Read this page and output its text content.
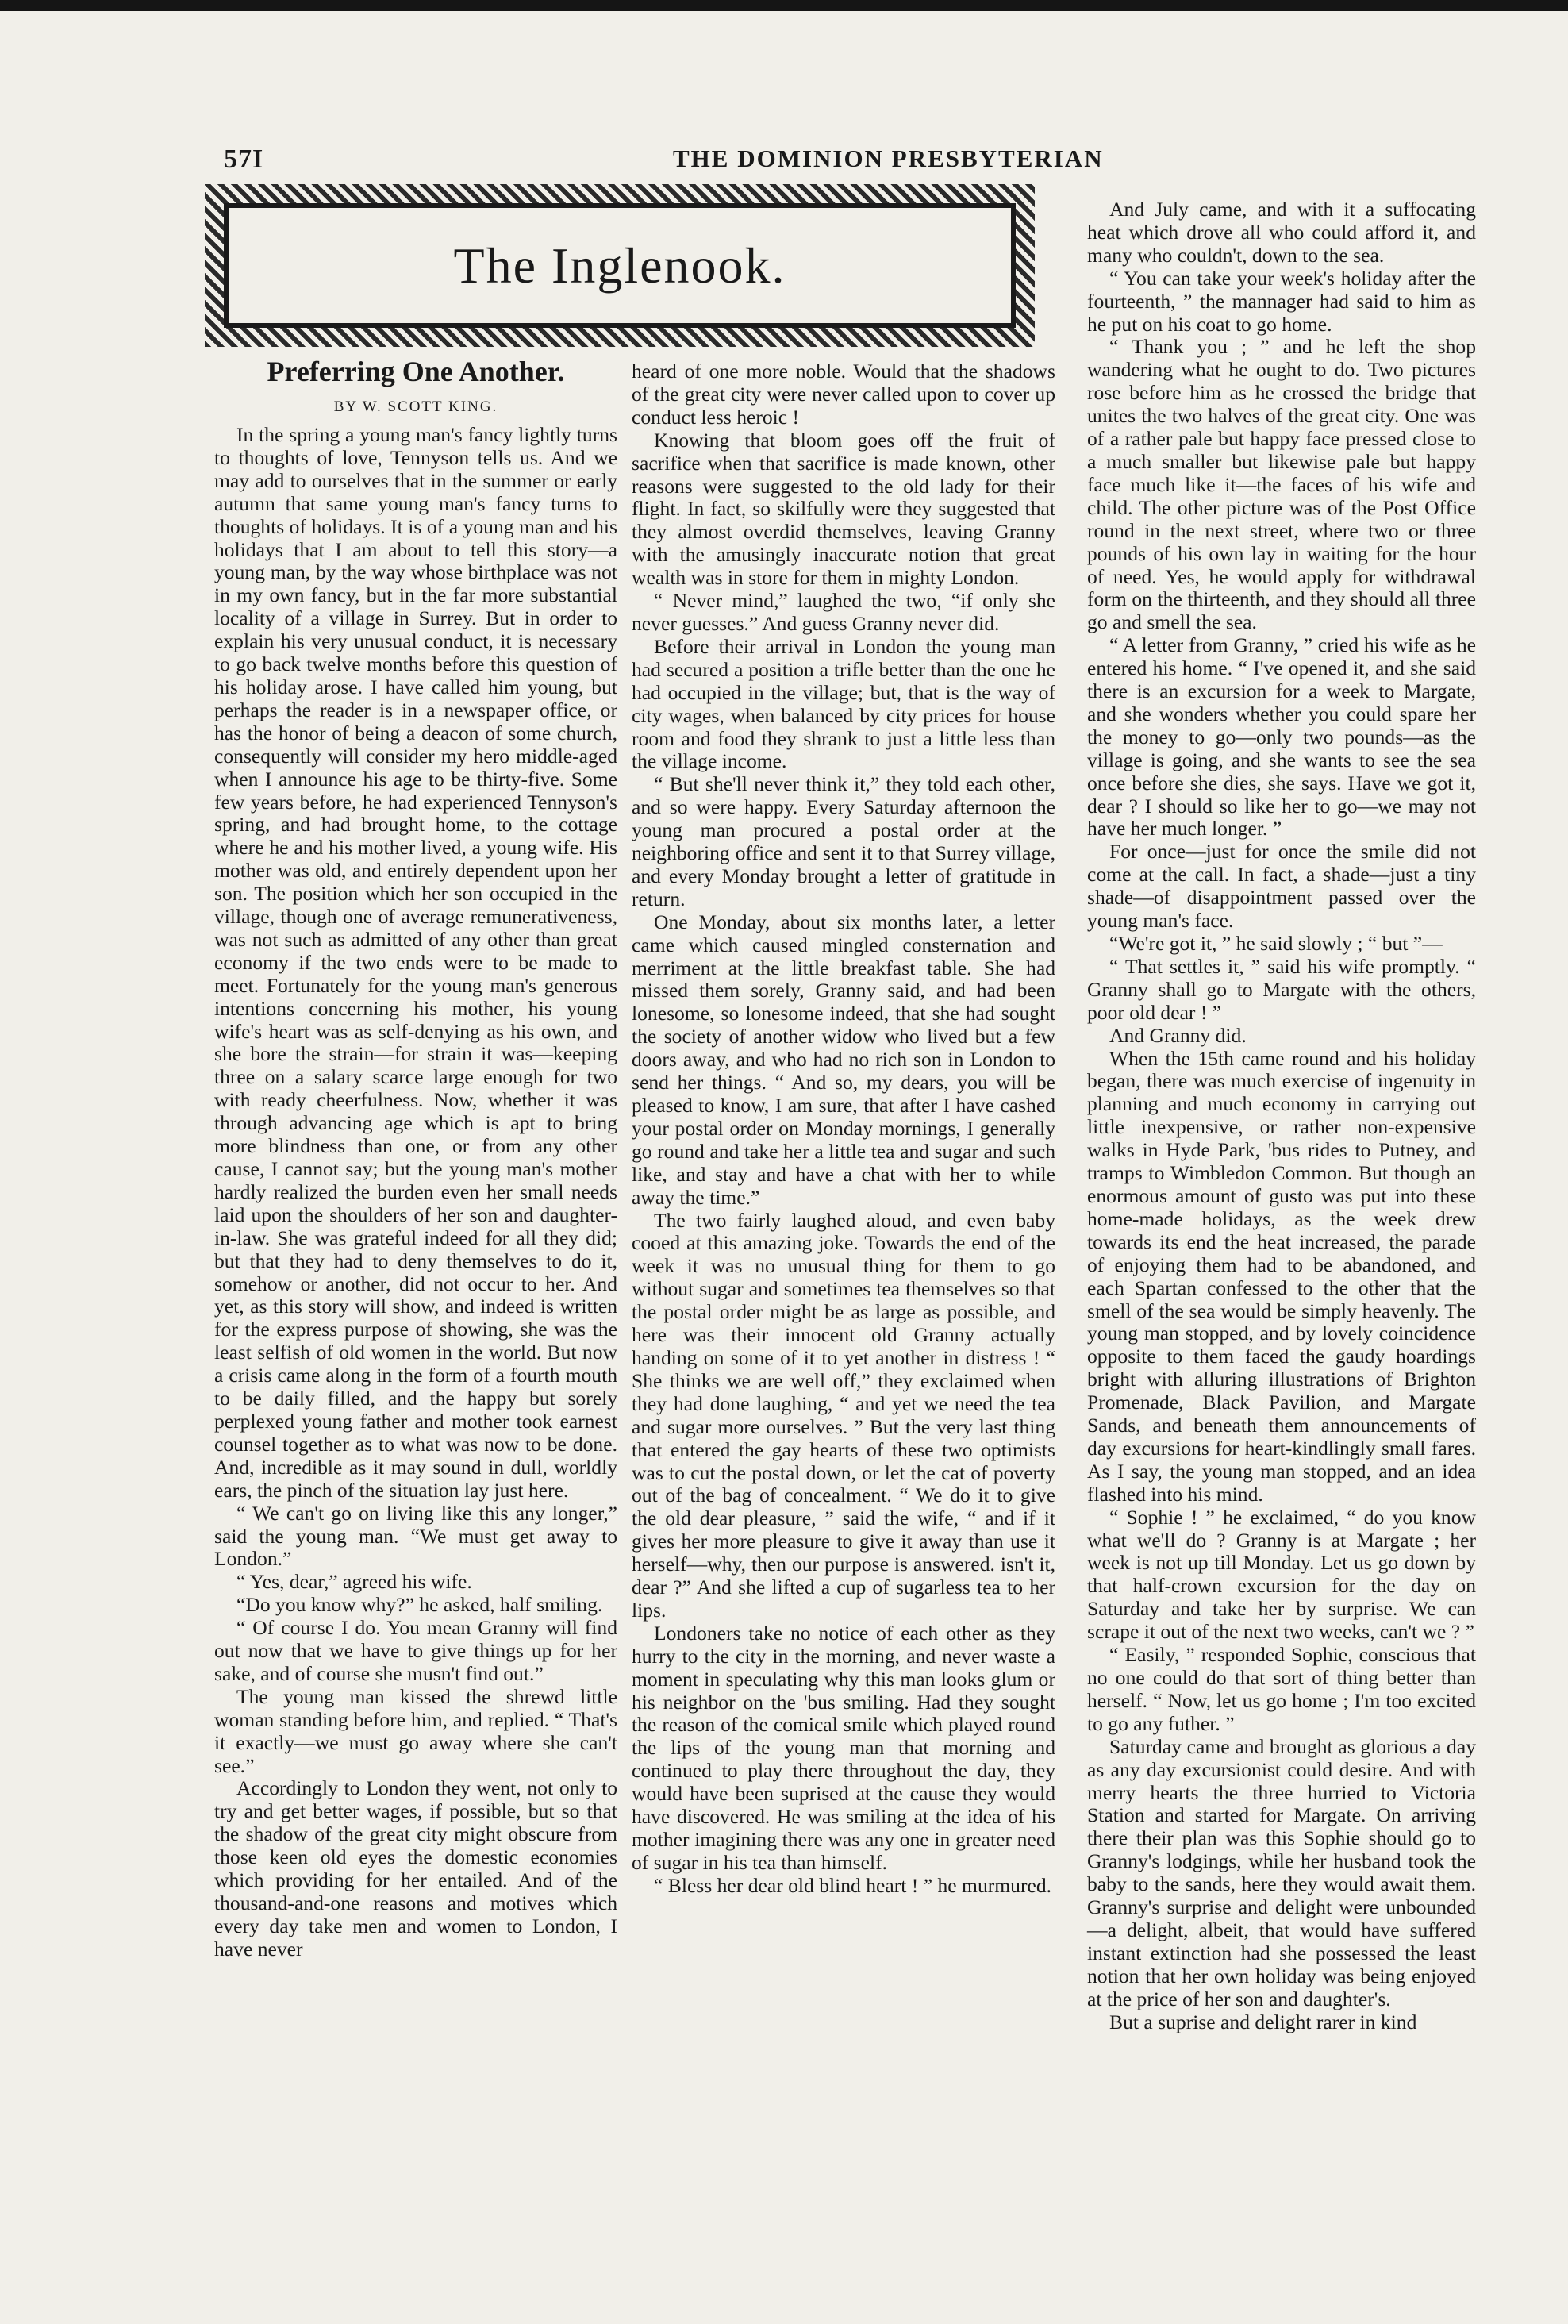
57I	THE DOMINION PRESBYTERIAN
The Inglenook.
Preferring One Another.
BY W. SCOTT KING.

In the spring a young man's fancy lightly turns to thoughts of love, Tennyson tells us. And we may add to ourselves that in the summer or early autumn that same young man's fancy turns to thoughts of holidays. It is of a young man and his holidays that I am about to tell this story—a young man, by the way whose birthplace was not in my own fancy, but in the far more substantial locality of a village in Surrey. But in order to explain his very unusual conduct, it is necessary to go back twelve months before this question of his holiday arose. I have called him young, but perhaps the reader is in a newspaper office, or has the honor of being a deacon of some church, consequently will consider my hero middle-aged when I announce his age to be thirty-five. Some few years before, he had experienced Tennyson's spring, and had brought home, to the cottage where he and his mother lived, a young wife. His mother was old, and entirely dependent upon her son. The position which her son occupied in the village, though one of average remunerativeness, was not such as admitted of any other than great economy if the two ends were to be made to meet. Fortunately for the young man's generous intentions concerning his mother, his young wife's heart was as self-denying as his own, and she bore the strain—for strain it was—keeping three on a salary scarce large enough for two with ready cheerfulness. Now, whether it was through advancing age which is apt to bring more blindness than one, or from any other cause, I cannot say; but the young man's mother hardly realized the burden even her small needs laid upon the shoulders of her son and daughter-in-law. She was grateful indeed for all they did; but that they had to deny themselves to do it, somehow or another, did not occur to her. And yet, as this story will show, and indeed is written for the express purpose of showing, she was the least selfish of old women in the world. But now a crisis came along in the form of a fourth mouth to be daily filled, and the happy but sorely perplexed young father and mother took earnest counsel together as to what was now to be done. And, incredible as it may sound in dull, worldly ears, the pinch of the situation lay just here.

“ We can't go on living like this any longer,” said the young man. “We must get away to London.”

“ Yes, dear,” agreed his wife.

“Do you know why?” he asked, half smiling.

“ Of course I do. You mean Granny will find out now that we have to give things up for her sake, and of course she musn't find out.”

The young man kissed the shrewd little woman standing before him, and replied. “ That's it exactly—we must go away where she can't see.”

Accordingly to London they went, not only to try and get better wages, if possible, but so that the shadow of the great city might obscure from those keen old eyes the domestic economies which providing for her entailed. And of the thousand-and-one reasons and motives which every day take men and women to London, I have never

heard of one more noble. Would that the shadows of the great city were never called upon to cover up conduct less heroic !

Knowing that bloom goes off the fruit of sacrifice when that sacrifice is made known, other reasons were suggested to the old lady for their flight. In fact, so skilfully were they suggested that they almost overdid themselves, leaving Granny with the amusingly inaccurate notion that great wealth was in store for them in mighty London.

“ Never mind,” laughed the two, “if only she never guesses.” And guess Granny never did.

Before their arrival in London the young man had secured a position a trifle better than the one he had occupied in the village; but, that is the way of city wages, when balanced by city prices for house room and food they shrank to just a little less than the village income.

“ But she'll never think it,” they told each other, and so were happy. Every Saturday afternoon the young man procured a postal order at the neighboring office and sent it to that Surrey village, and every Monday brought a letter of gratitude in return.

One Monday, about six months later, a letter came which caused mingled consternation and merriment at the little breakfast table. She had missed them sorely, Granny said, and had been lonesome, so lonesome indeed, that she had sought the society of another widow who lived but a few doors away, and who had no rich son in London to send her things. “ And so, my dears, you will be pleased to know, I am sure, that after I have cashed your postal order on Monday mornings, I generally go round and take her a little tea and sugar and such like, and stay and have a chat with her to while away the time.”

The two fairly laughed aloud, and even baby cooed at this amazing joke. Towards the end of the week it was no unusual thing for them to go without sugar and sometimes tea themselves so that the postal order might be as large as possible, and here was their innocent old Granny actually handing on some of it to yet another in distress ! “ She thinks we are well off,” they exclaimed when they had done laughing, “ and yet we need the tea and sugar more ourselves. ” But the very last thing that entered the gay hearts of these two optimists was to cut the postal down, or let the cat of poverty out of the bag of concealment. “ We do it to give the old dear pleasure, ” said the wife, “ and if it gives her more pleasure to give it away than use it herself—why, then our purpose is answered. isn't it, dear ?” And she lifted a cup of sugarless tea to her lips.

Londoners take no notice of each other as they hurry to the city in the morning, and never waste a moment in speculating why this man looks glum or his neighbor on the 'bus smiling. Had they sought the reason of the comical smile which played round the lips of the young man that morning and continued to play there throughout the day, they would have been suprised at the cause they would have discovered. He was smiling at the idea of his mother imagining there was any one in greater need of sugar in his tea than himself.

“ Bless her dear old blind heart ! ” he murmured.

And July came, and with it a suffocating heat which drove all who could afford it, and many who couldn't, down to the sea.

“ You can take your week's holiday after the fourteenth, ” the mannager had said to him as he put on his coat to go home.

“ Thank you ; ” and he left the shop wandering what he ought to do. Two pictures rose before him as he crossed the bridge that unites the two halves of the great city. One was of a rather pale but happy face pressed close to a much smaller but likewise pale but happy face much like it—the faces of his wife and child. The other picture was of the Post Office round in the next street, where two or three pounds of his own lay in waiting for the hour of need. Yes, he would apply for withdrawal form on the thirteenth, and they should all three go and smell the sea.

“ A letter from Granny, ” cried his wife as he entered his home. “ I've opened it, and she said there is an excursion for a week to Margate, and she wonders whether you could spare her the money to go—only two pounds—as the village is going, and she wants to see the sea once before she dies, she says. Have we got it, dear ? I should so like her to go—we may not have her much longer. ”

For once—just for once the smile did not come at the call. In fact, a shade—just a tiny shade—of disappointment passed over the young man's face.

“We're got it, ” he said slowly ; “ but ”—

“ That settles it, ” said his wife promptly. “ Granny shall go to Margate with the others, poor old dear ! ”

And Granny did.

When the 15th came round and his holiday began, there was much exercise of ingenuity in planning and much economy in carrying out little inexpensive, or rather non-expensive walks in Hyde Park, 'bus rides to Putney, and tramps to Wimbledon Common. But though an enormous amount of gusto was put into these home-made holidays, as the week drew towards its end the heat increased, the parade of enjoying them had to be abandoned, and each Spartan confessed to the other that the smell of the sea would be simply heavenly. The young man stopped, and by lovely coincidence opposite to them faced the gaudy hoardings bright with alluring illustrations of Brighton Promenade, Black Pavilion, and Margate Sands, and beneath them announcements of day excursions for heart-kindlingly small fares. As I say, the young man stopped, and an idea flashed into his mind.

“ Sophie ! ” he exclaimed, “ do you know what we'll do ? Granny is at Margate ; her week is not up till Monday. Let us go down by that half-crown excursion for the day on Saturday and take her by surprise. We can scrape it out of the next two weeks, can't we ? ”

“ Easily, ” responded Sophie, conscious that no one could do that sort of thing better than herself. “ Now, let us go home ; I'm too excited to go any futher. ”

Saturday came and brought as glorious a day as any day excursionist could desire. And with merry hearts the three hurried to Victoria Station and started for Margate. On arriving there their plan was this Sophie should go to Granny's lodgings, while her husband took the baby to the sands, here they would await them. Granny's surprise and delight were unbounded—a delight, albeit, that would have suffered instant extinction had she possessed the least notion that her own holiday was being enjoyed at the price of her son and daughter's.

But a suprise and delight rarer in kind
